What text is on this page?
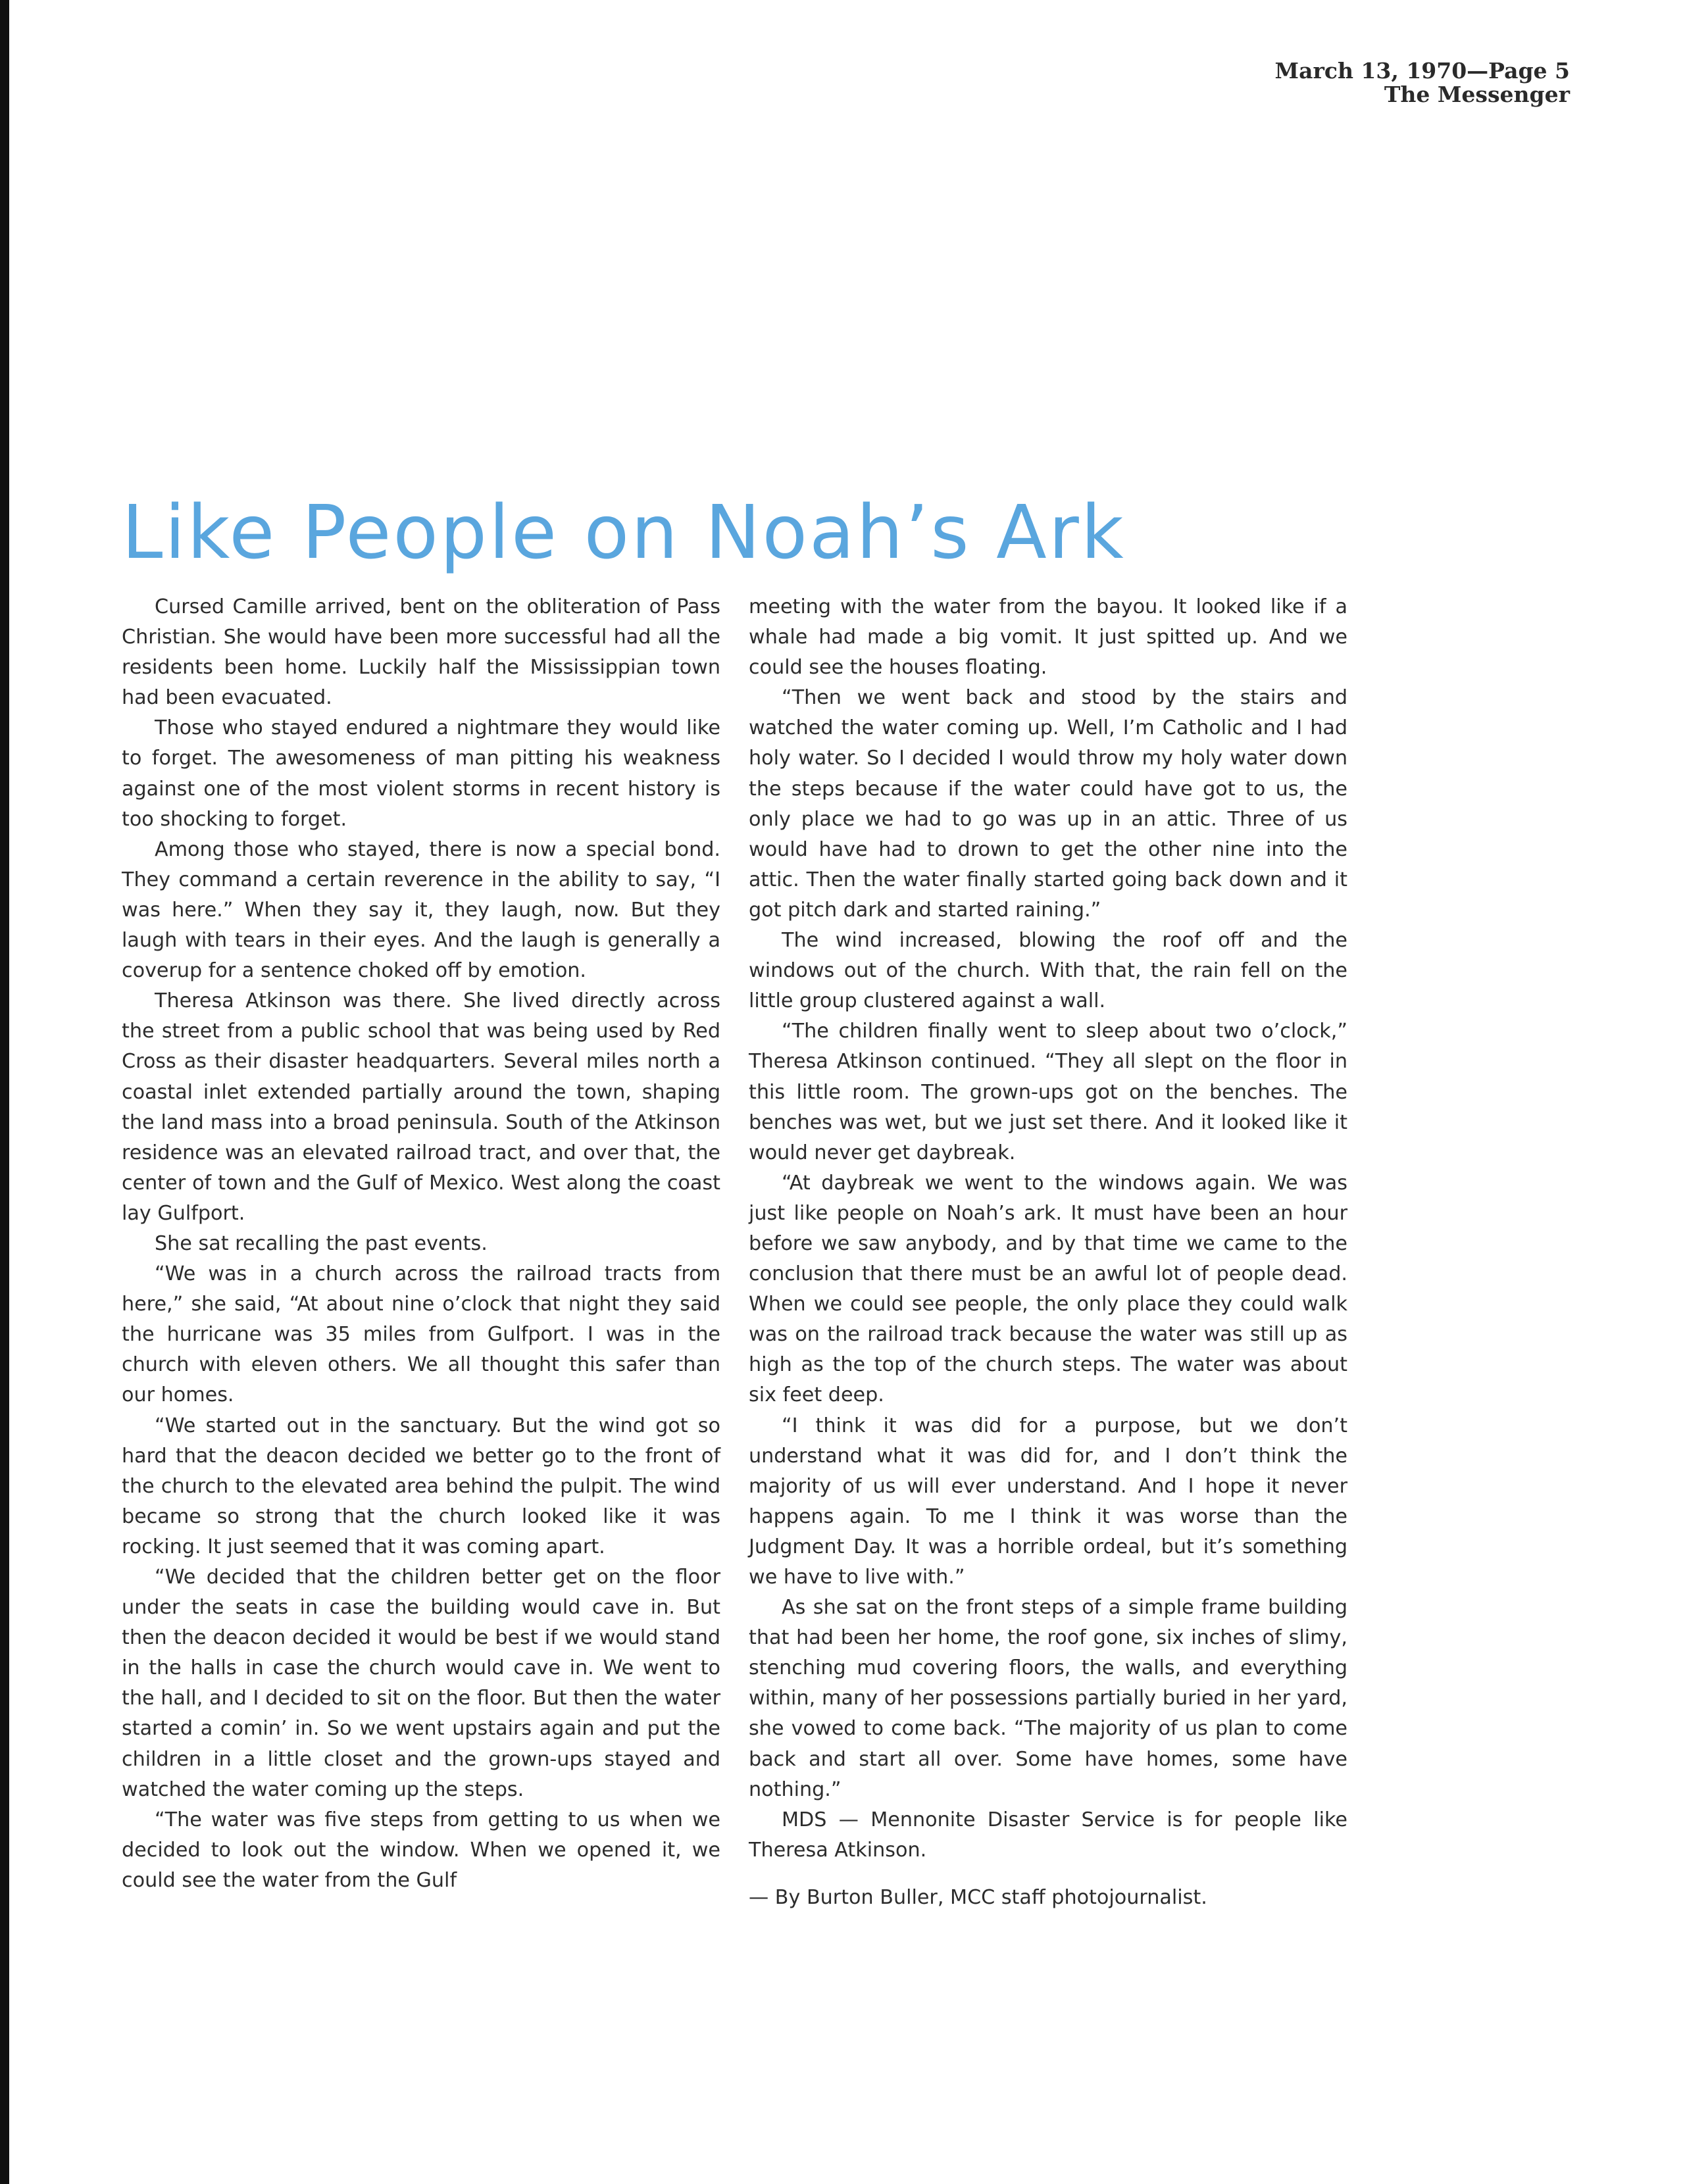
March 13, 1970—Page 5
The Messenger
Like People on Noah’s Ark

Cursed Camille arrived, bent on the obliteration of Pass Christian. She would have been more successful had all the residents been home. Luckily half the Mississippian town had been evacuated.

Those who stayed endured a nightmare they would like to forget. The awesomeness of man pitting his weakness against one of the most violent storms in recent history is too shocking to forget.

Among those who stayed, there is now a special bond. They command a certain reverence in the ability to say, “I was here.” When they say it, they laugh, now. But they laugh with tears in their eyes. And the laugh is generally a coverup for a sentence choked off by emotion.

Theresa Atkinson was there. She lived directly across the street from a public school that was being used by Red Cross as their disaster headquarters. Several miles north a coastal inlet extended partially around the town, shaping the land mass into a broad peninsula. South of the Atkinson residence was an elevated railroad tract, and over that, the center of town and the Gulf of Mexico. West along the coast lay Gulfport.

She sat recalling the past events.

“We was in a church across the railroad tracts from here,” she said, “At about nine o’clock that night they said the hurricane was 35 miles from Gulfport. I was in the church with eleven others. We all thought this safer than our homes.

“We started out in the sanctuary. But the wind got so hard that the deacon decided we better go to the front of the church to the elevated area behind the pulpit. The wind became so strong that the church looked like it was rocking. It just seemed that it was coming apart.

“We decided that the children better get on the floor under the seats in case the building would cave in. But then the deacon decided it would be best if we would stand in the halls in case the church would cave in. We went to the hall, and I decided to sit on the floor. But then the water started a comin’ in. So we went upstairs again and put the children in a little closet and the grown-ups stayed and watched the water coming up the steps.

“The water was five steps from getting to us when we decided to look out the window. When we opened it, we could see the water from the Gulf

meeting with the water from the bayou. It looked like if a whale had made a big vomit. It just spitted up. And we could see the houses floating.

“Then we went back and stood by the stairs and watched the water coming up. Well, I’m Catholic and I had holy water. So I decided I would throw my holy water down the steps because if the water could have got to us, the only place we had to go was up in an attic. Three of us would have had to drown to get the other nine into the attic. Then the water finally started going back down and it got pitch dark and started raining.”

The wind increased, blowing the roof off and the windows out of the church. With that, the rain fell on the little group clustered against a wall.

“The children finally went to sleep about two o’clock,” Theresa Atkinson continued. “They all slept on the floor in this little room. The grown-ups got on the benches. The benches was wet, but we just set there. And it looked like it would never get daybreak.

“At daybreak we went to the windows again. We was just like people on Noah’s ark. It must have been an hour before we saw anybody, and by that time we came to the conclusion that there must be an awful lot of people dead. When we could see people, the only place they could walk was on the railroad track because the water was still up as high as the top of the church steps. The water was about six feet deep.

“I think it was did for a purpose, but we don’t understand what it was did for, and I don’t think the majority of us will ever understand. And I hope it never happens again. To me I think it was worse than the Judgment Day. It was a horrible ordeal, but it’s something we have to live with.”

As she sat on the front steps of a simple frame building that had been her home, the roof gone, six inches of slimy, stenching mud covering floors, the walls, and everything within, many of her possessions partially buried in her yard, she vowed to come back. “The majority of us plan to come back and start all over. Some have homes, some have nothing.”

MDS — Mennonite Disaster Service is for people like Theresa Atkinson.

— By Burton Buller, MCC staff photojournalist.
